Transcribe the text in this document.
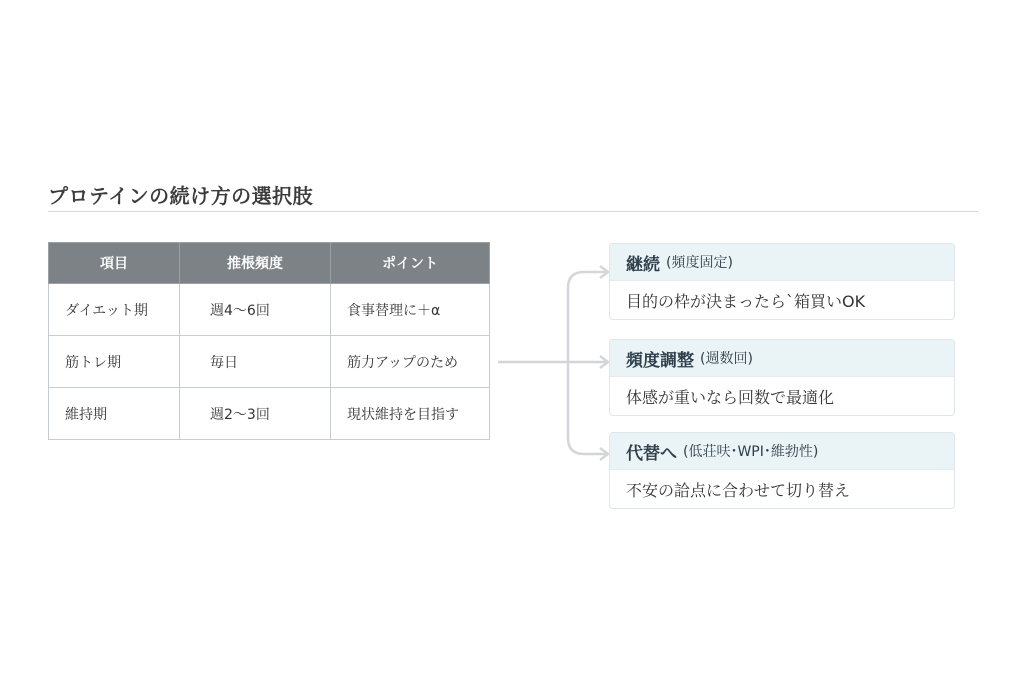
プロテインの続け方の選択肢
項目	推棖頻度	ポイント
ダイエット期	週4〜6回	食事替理に＋α
筋トレ期	毎日	筋力アップのため
維持期	週2〜3回	現状維持を目指す
継続 (頻度固定)
目的の枠が決まったら`箱買いOK
頻度調整 (週数回)
体感が重いなら回数で最適化
代替へ (低荘呋･WPI･維勃性)
不安の詥点に合わせて切り替え
